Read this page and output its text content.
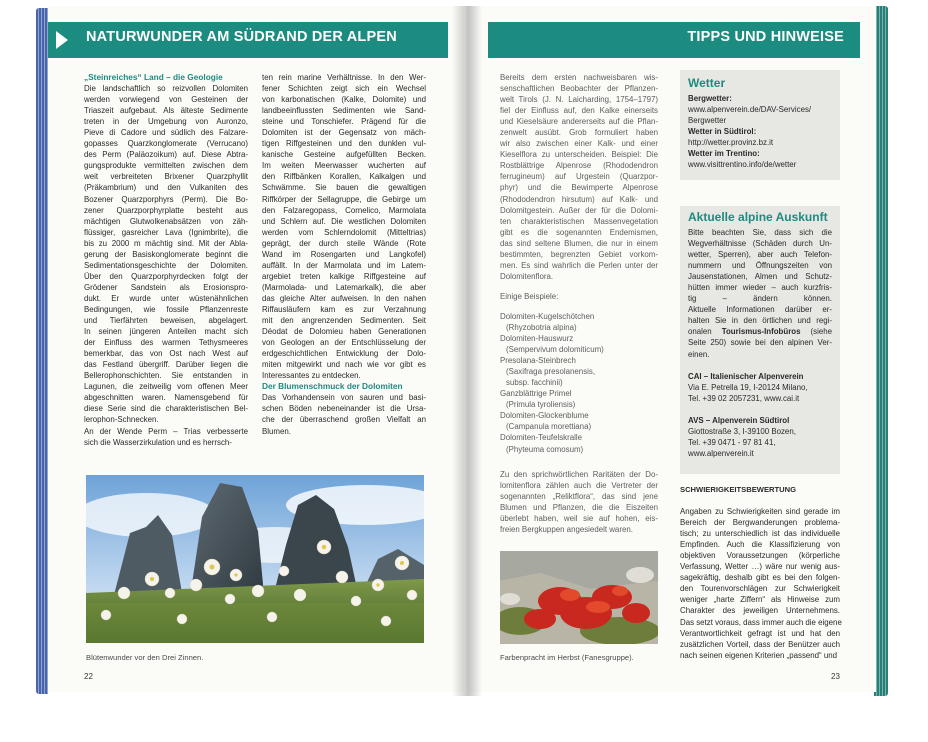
NATURWUNDER AM SÜDRAND DER ALPEN	TIPPS UND HINWEISE

„Steinreiches“ Land – die Geologie

Die landschaftlich so reizvollen Dolomiten
werden vorwiegend von Gesteinen der
Triaszeit aufgebaut. Als älteste Sedimente
treten in der Umgebung von Auronzo,
Pieve di Cadore und südlich des Falzare-
gopasses Quarzkonglomerate (Verrucano)
des Perm (Paläozoikum) auf. Diese Abtra-
gungsprodukte vermittelten zwischen dem
weit verbreiteten Brixener Quarzphyllit
(Präkambrium) und den Vulkaniten des
Bozener Quarzporphyrs (Perm). Die Bo-
zener Quarzporphyrplatte besteht aus
mächtigen Glutwolkenabsätzen von zäh-
flüssiger, gasreicher Lava (Ignimbrite), die
bis zu 2000 m mächtig sind. Mit der Abla-
gerung der Basiskonglomerate beginnt die
Sedimentationsgeschichte der Dolomiten.
Über den Quarzporphyrdecken folgt der
Grödener Sandstein als Erosionspro-
dukt. Er wurde unter wüstenähnlichen
Bedingungen, wie fossile Pflanzenreste
und Tierfährten beweisen, abgelagert.
In seinen jüngeren Anteilen macht sich
der Einfluss des warmen Tethysmeeres
bemerkbar, das von Ost nach West auf
das Festland übergriff. Darüber liegen die
Bellerophonschichten. Sie entstanden in
Lagunen, die zeitweilig vom offenen Meer
abgeschnitten waren. Namensgebend für
diese Serie sind die charakteristischen Bel-
lerophon-Schnecken.
An der Wende Perm – Trias verbesserte
sich die Wasserzirkulation und es herrsch-
ten rein marine Verhältnisse. In den Wer-
fener Schichten zeigt sich ein Wechsel
von karbonatischen (Kalke, Dolomite) und
landbeeinflussten Sedimenten wie Sand-
steine und Tonschiefer. Prägend für die
Dolomiten ist der Gegensatz von mäch-
tigen Riffgesteinen und den dunklen vul-
kanische Gesteine aufgefüllten Becken.
Im weiten Meerwasser wucherten auf
den Riffbänken Korallen, Kalkalgen und
Schwämme. Sie bauen die gewaltigen
Riffkörper der Sellagruppe, die Gebirge um
den Falzaregopass, Cornelico, Marmolata
und Schlern auf. Die westlichen Dolomiten
werden vom Schlerndolomit (Mitteltrias)
geprägt, der durch steile Wände (Rote
Wand im Rosengarten und Langkofel)
auffällt. In der Marmolata und im Latem-
argebiet treten kalkige Riffgesteine auf
(Marmolada- und Latemarkalk), die aber
das gleiche Alter aufweisen. In den nahen
Riffausläufern kam es zur Verzahnung
mit den angrenzenden Sedimenten. Seit
Déodat de Dolomieu haben Generationen
von Geologen an der Entschlüsselung der
erdgeschichtlichen Entwicklung der Dolo-
miten mitgewirkt und nach wie vor gibt es
Interessantes zu entdecken.

Der Blumenschmuck der Dolomiten

Das Vorhandensein von sauren und basi-
schen Böden nebeneinander ist die Ursa-
che der überraschend großen Vielfalt an
Blumen.
Blütenwunder vor den Drei Zinnen.
22
Bereits dem ersten nachweisbaren wis-
senschaftlichen Beobachter der Pflanzen-
welt Tirols (J. N. Laicharding, 1754–1797)
fiel der Einfluss auf, den Kalke einerseits
und Kieselsäure andererseits auf die Pflan-
zenwelt ausübt. Grob formuliert haben
wir also zwischen einer Kalk- und einer
Kieselflora zu unterscheiden. Beispiel: Die
Rostblättrige Alpenrose (Rhododendron
ferrugineum) auf Urgestein (Quarzpor-
phyr) und die Bewimperte Alpenrose
(Rhododendron hirsutum) auf Kalk- und
Dolomitgestein. Außer der für die Dolomi-
ten charakteristischen Massenvegetation
gibt es die sogenannten Endemismen,
das sind seltene Blumen, die nur in einem
bestimmten, begrenzten Gebiet vorkom-
men. Es sind wahrlich die Perlen unter der
Dolomitenflora.

Einige Beispiele:

Dolomiten-Kugelschötchen
(Rhyzobotria alpina)
Dolomiten-Hauswurz
(Sempervivum dolomiticum)
Presolana-Steinbrech
(Saxifraga presolanensis,
subsp. facchinii)
Ganzblättrige Primel
(Primula tyroliensis)
Dolomiten-Glockenblume
(Campanula morettiana)
Dolomiten-Teufelskralle
(Phyteuma comosum)
Zu den sprichwörtlichen Raritäten der Do-
lomitenflora zählen auch die Vertreter der
sogenannten „Reliktflora“, das sind jene
Blumen und Pflanzen, die die Eiszeiten
überlebt haben, weil sie auf hohen, eis-
freien Bergkuppen angesiedelt waren.
Farbenpracht im Herbst (Fanesgruppe).
23
Wetter
Bergwetter:
www.alpenverein.de/DAV-Services/
Bergwetter
Wetter in Südtirol:
http://wetter.provinz.bz.it
Wetter im Trentino:
www.visittrentino.info/de/wetter
Aktuelle alpine Auskunft
Bitte beachten Sie, dass sich die
Wegverhältnisse (Schäden durch Un-
wetter, Sperren), aber auch Telefon-
nummern und Öffnungszeiten von
Jausenstationen, Almen und Schutz-
hütten immer wieder – auch kurzfris-
tig – ändern können.
Aktuelle Informationen darüber er-
halten Sie in den örtlichen und regi-
onalen Tourismus-Infobüros (siehe
Seite 250) sowie bei den alpinen Ver-
einen.
CAI – Italienischer Alpenverein
Via E. Petrella 19, I-20124 Milano,
Tel. +39 02 2057231, www.cai.it
AVS – Alpenverein Südtirol
Giottostraße 3, I-39100 Bozen,
Tel. +39 0471 - 97 81 41,
www.alpenverein.it

SCHWIERIGKEITSBEWERTUNG

Angaben zu Schwierigkeiten sind gerade im
Bereich der Bergwanderungen problema-
tisch; zu unterschiedlich ist das individuelle
Empfinden. Auch die Klassifizierung von
objektiven Voraussetzungen (körperliche
Verfassung, Wetter …) wäre nur wenig aus-
sagekräftig, deshalb gibt es bei den folgen-
den Tourenvorschlägen zur Schwierigkeit
weniger „harte Ziffern“ als Hinweise zum
Charakter des jeweiligen Unternehmens.
Das setzt voraus, dass immer auch die eigene
Verantwortlichkeit gefragt ist und hat den
zusätzlichen Vorteil, dass der Benützer auch
nach seinen eigenen Kriterien „passend“ und
